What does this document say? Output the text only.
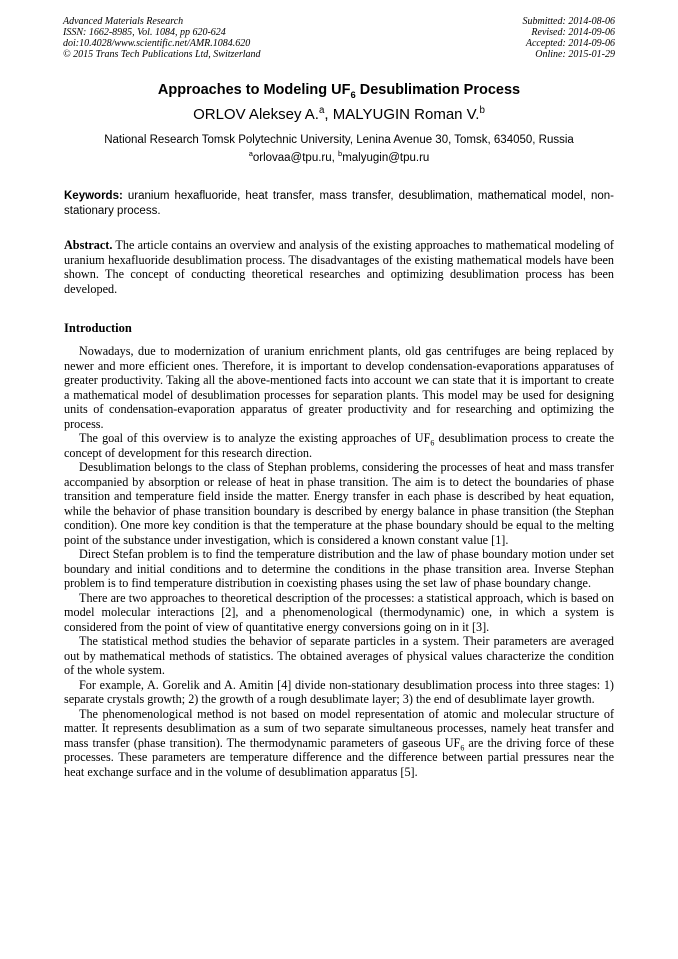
Advanced Materials Research
ISSN: 1662-8985, Vol. 1084, pp 620-624
doi:10.4028/www.scientific.net/AMR.1084.620
© 2015 Trans Tech Publications Ltd, Switzerland
Submitted: 2014-08-06
Revised: 2014-09-06
Accepted: 2014-09-06
Online: 2015-01-29
Approaches to Modeling $UF_6$ Desublimation Process
ORLOV Aleksey A.$^a$, MALYUGIN Roman V.$^b$
National Research Tomsk Polytechnic University, Lenina Avenue 30, Tomsk, 634050, Russia
$^a$orlovaa@tpu.ru, $^b$malyugin@tpu.ru
Keywords: uranium hexafluoride, heat transfer, mass transfer, desublimation, mathematical model, non-stationary process.
Abstract. The article contains an overview and analysis of the existing approaches to mathematical modeling of uranium hexafluoride desublimation process. The disadvantages of the existing mathematical models have been shown. The concept of conducting theoretical researches and optimizing desublimation process has been developed.
Introduction

Nowadays, due to modernization of uranium enrichment plants, old gas centrifuges are being replaced by newer and more efficient ones. Therefore, it is important to develop condensation-evaporations apparatuses of greater productivity. Taking all the above-mentioned facts into account we can state that it is important to create a mathematical model of desublimation processes for separation plants. This model may be used for designing units of condensation-evaporation apparatus of greater productivity and for researching and optimizing the process.

The goal of this overview is to analyze the existing approaches of $UF_6$ desublimation process to create the concept of development for this research direction.

Desublimation belongs to the class of Stephan problems, considering the processes of heat and mass transfer accompanied by absorption or release of heat in phase transition. The aim is to detect the boundaries of phase transition and temperature field inside the matter. Energy transfer in each phase is described by heat equation, while the behavior of phase transition boundary is described by energy balance in phase transition (the Stephan condition). One more key condition is that the temperature at the phase boundary should be equal to the melting point of the substance under investigation, which is considered a known constant value [1].

Direct Stefan problem is to find the temperature distribution and the law of phase boundary motion under set boundary and initial conditions and to determine the conditions in the phase transition area. Inverse Stephan problem is to find temperature distribution in coexisting phases using the set law of phase boundary change.

There are two approaches to theoretical description of the processes: a statistical approach, which is based on model molecular interactions [2], and a phenomenological (thermodynamic) one, in which a system is considered from the point of view of quantitative energy conversions going on in it [3].

The statistical method studies the behavior of separate particles in a system. Their parameters are averaged out by mathematical methods of statistics. The obtained averages of physical values characterize the condition of the whole system.

For example, A. Gorelik and A. Amitin [4] divide non-stationary desublimation process into three stages: 1) separate crystals growth; 2) the growth of a rough desublimate layer; 3) the end of desublimate layer growth.

The phenomenological method is not based on model representation of atomic and molecular structure of matter. It represents desublimation as a sum of two separate simultaneous processes, namely heat transfer and mass transfer (phase transition). The thermodynamic parameters of gaseous $UF_6$ are the driving force of these processes. These parameters are temperature difference and the difference between partial pressures near the heat exchange surface and in the volume of desublimation apparatus [5].
